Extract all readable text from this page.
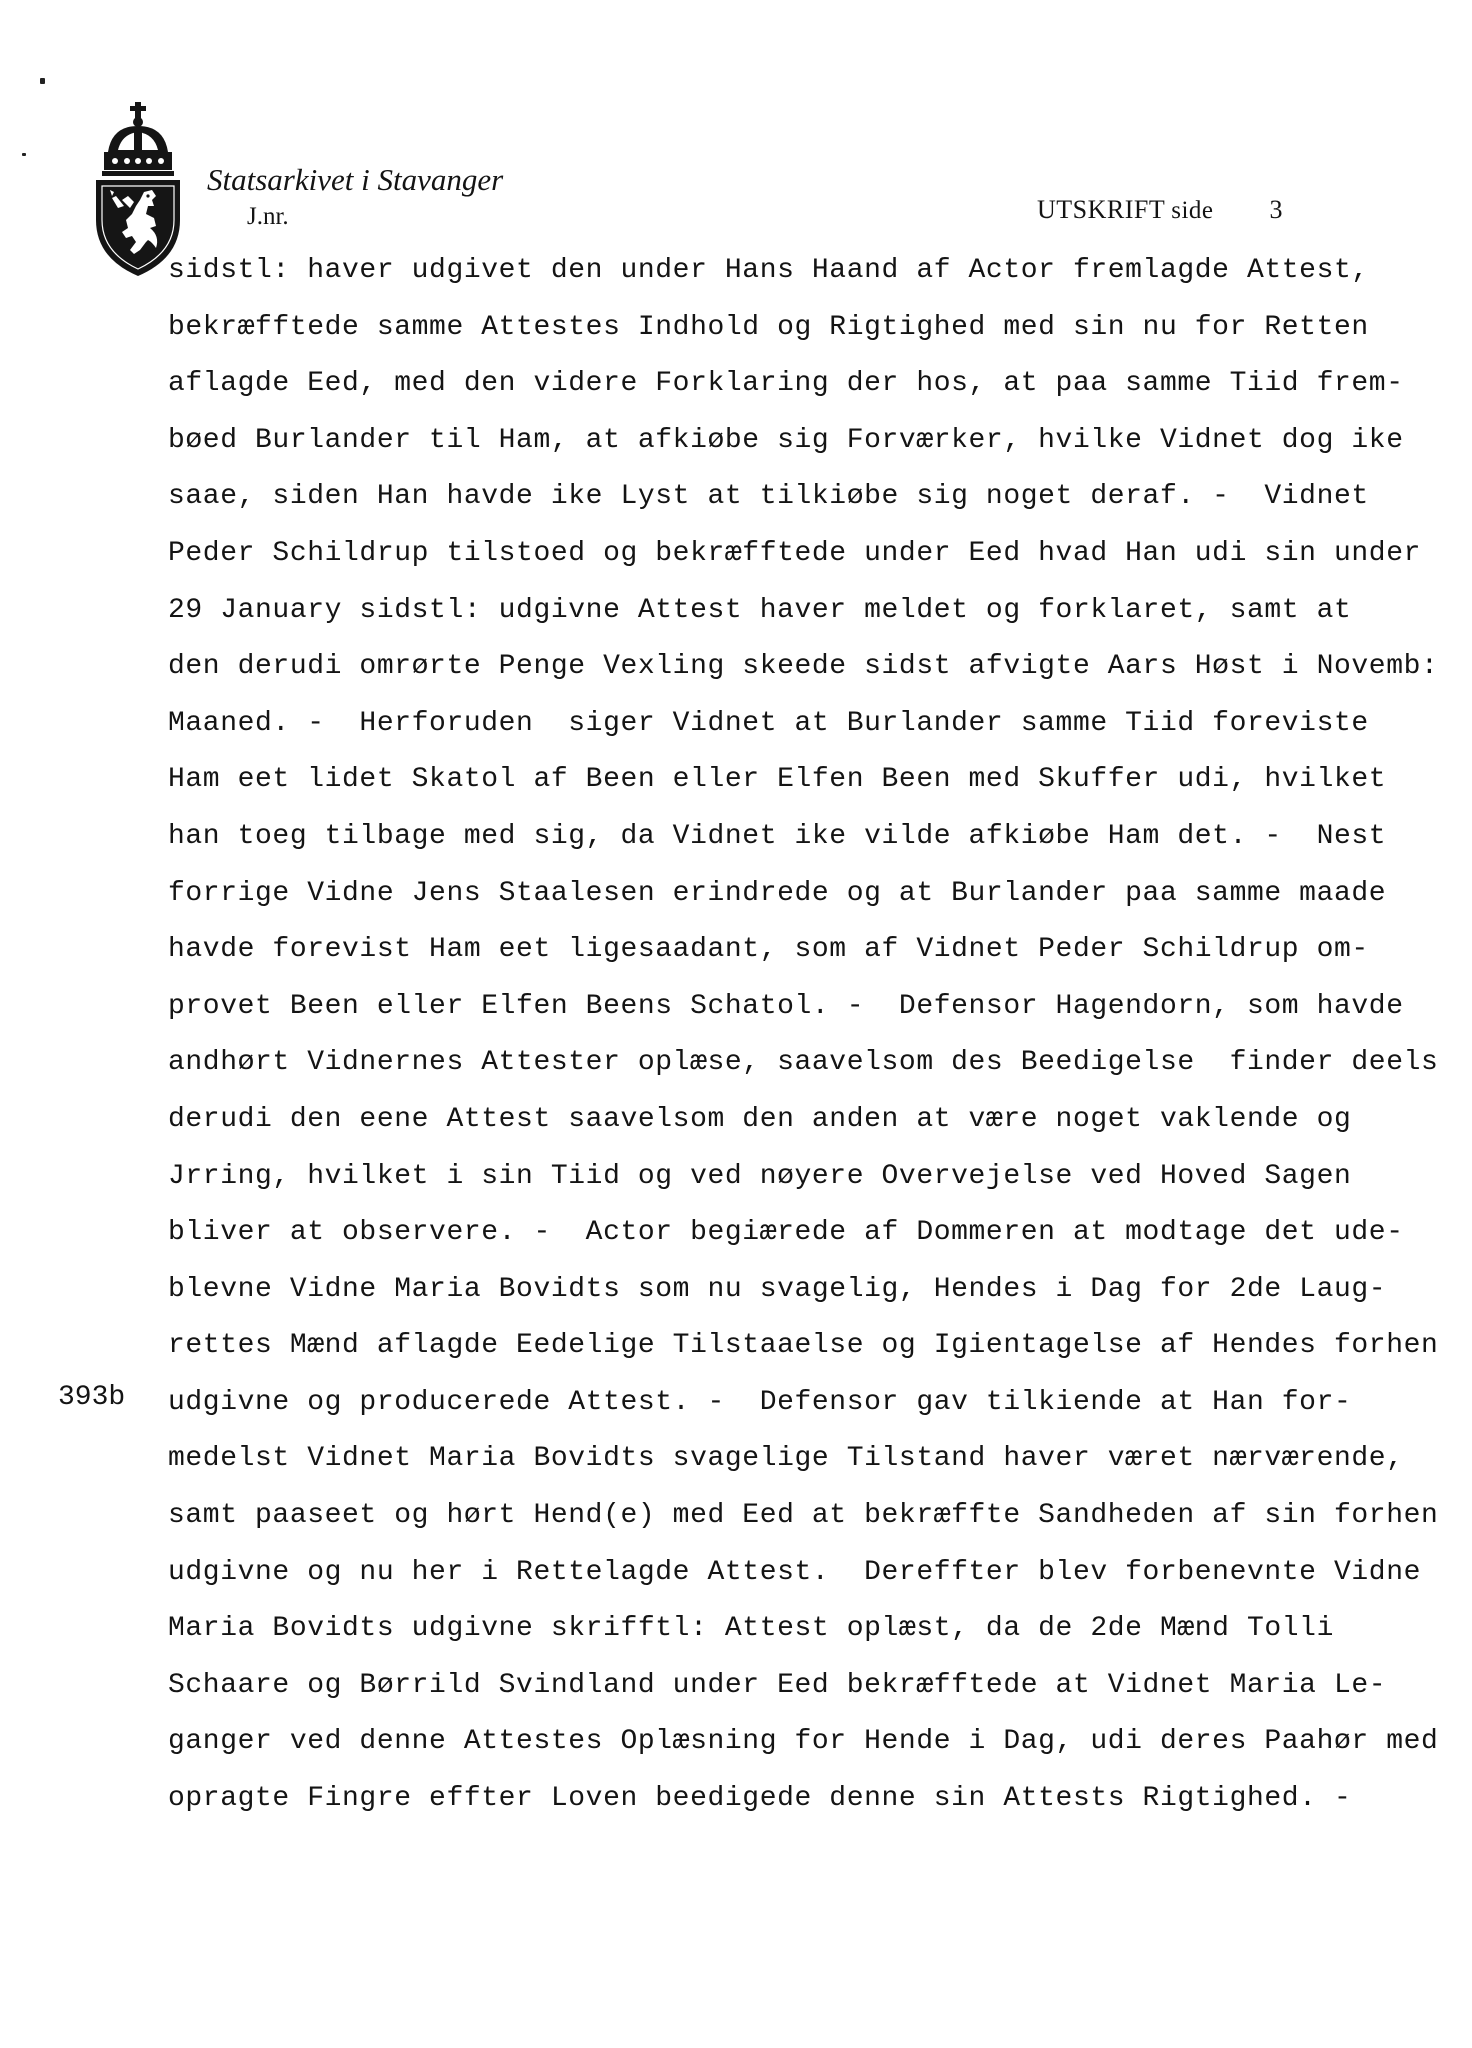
Statsarkivet i Stavanger
J.nr.	UTSKRIFT side 3
393b
sidstl: haver udgivet den under Hans Haand af Actor fremlagde Attest,
bekræfftede samme Attestes Indhold og Rigtighed med sin nu for Retten
aflagde Eed, med den videre Forklaring der hos, at paa samme Tiid frem-
bøed Burlander til Ham, at afkiøbe sig Forværker, hvilke Vidnet dog ike
saae, siden Han havde ike Lyst at tilkiøbe sig noget deraf. -  Vidnet
Peder Schildrup tilstoed og bekræfftede under Eed hvad Han udi sin under
29 January sidstl: udgivne Attest haver meldet og forklaret, samt at
den derudi omrørte Penge Vexling skeede sidst afvigte Aars Høst i Novemb:
Maaned. -  Herforuden  siger Vidnet at Burlander samme Tiid foreviste
Ham eet lidet Skatol af Been eller Elfen Been med Skuffer udi, hvilket
han toeg tilbage med sig, da Vidnet ike vilde afkiøbe Ham det. -  Nest
forrige Vidne Jens Staalesen erindrede og at Burlander paa samme maade
havde forevist Ham eet ligesaadant, som af Vidnet Peder Schildrup om-
provet Been eller Elfen Beens Schatol. -  Defensor Hagendorn, som havde
andhørt Vidnernes Attester oplæse, saavelsom des Beedigelse  finder deels
derudi den eene Attest saavelsom den anden at være noget vaklende og
Jrring, hvilket i sin Tiid og ved nøyere Overvejelse ved Hoved Sagen
bliver at observere. -  Actor begiærede af Dommeren at modtage det ude-
blevne Vidne Maria Bovidts som nu svagelig, Hendes i Dag for 2de Laug-
rettes Mænd aflagde Eedelige Tilstaaelse og Igientagelse af Hendes forhen
udgivne og producerede Attest. -  Defensor gav tilkiende at Han for-
medelst Vidnet Maria Bovidts svagelige Tilstand haver været nærværende,
samt paaseet og hørt Hend(e) med Eed at bekræffte Sandheden af sin forhen
udgivne og nu her i Rettelagde Attest.  Dereffter blev forbenevnte Vidne
Maria Bovidts udgivne skrifftl: Attest oplæst, da de 2de Mænd Tolli
Schaare og Børrild Svindland under Eed bekræfftede at Vidnet Maria Le-
ganger ved denne Attestes Oplæsning for Hende i Dag, udi deres Paahør med
opragte Fingre effter Loven beedigede denne sin Attests Rigtighed. -
